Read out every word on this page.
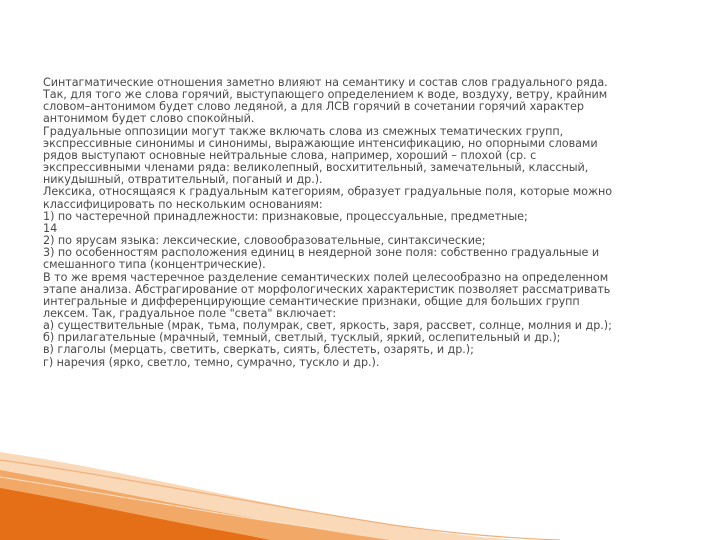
Синтагматические отношения заметно влияют на семантику и состав слов градуального ряда.
Так, для того же слова горячий, выступающего определением к воде, воздуху, ветру, крайним
словом–антонимом будет слово ледяной, а для ЛСВ горячий в сочетании горячий характер
антонимом будет слово спокойный.
Градуальные оппозиции могут также включать слова из смежных тематических групп,
экспрессивные синонимы и синонимы, выражающие интенсификацию, но опорными словами
рядов выступают основные нейтральные слова, например, хороший – плохой (ср. с
экспрессивными членами ряда: великолепный, восхитительный, замечательный, классный,
никудышный, отвратительный, поганый и др.).
Лексика, относящаяся к градуальным категориям, образует градуальные поля, которые можно
классифицировать по нескольким основаниям:
1) по частеречной принадлежности: признаковые, процессуальные, предметные;
14
2) по ярусам языка: лексические, словообразовательные, синтаксические;
3) по особенностям расположения единиц в неядерной зоне поля: собственно градуальные и
смешанного типа (концентрические).
В то же время частеречное разделение семантических полей целесообразно на определенном
этапе анализа. Абстрагирование от морфологических характеристик позволяет рассматривать
интегральные и дифференцирующие семантические признаки, общие для больших групп
лексем. Так, градуальное поле "света" включает:
а) существительные (мрак, тьма, полумрак, свет, яркость, заря, рассвет, солнце, молния и др.);
б) прилагательные (мрачный, темный, светлый, тусклый, яркий, ослепительный и др.);
в) глаголы (мерцать, светить, сверкать, сиять, блестеть, озарять, и др.);
г) наречия (ярко, светло, темно, сумрачно, тускло и др.).
